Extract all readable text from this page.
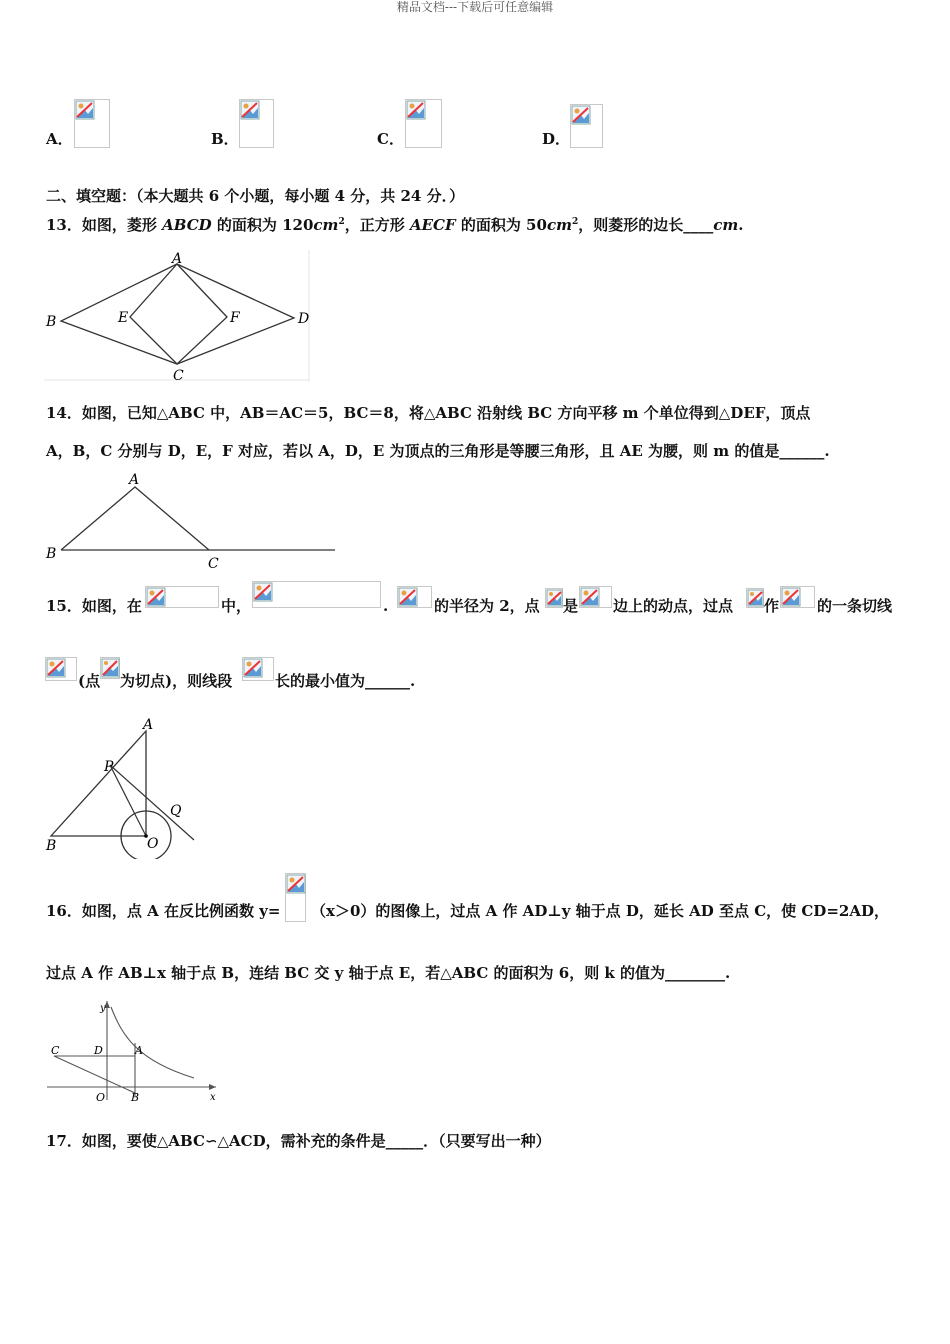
精品文档---下载后可任意编辑
A．	B．	C．	D．
二、填空题：（本大题共 6 个小题，每小题 4 分，共 24 分．）
13．如图，菱形 ABCD 的面积为 $120cm^2$，正方形 AECF 的面积为 $50cm^2$，则菱形的边长____cm.
A
B
C
D
E	F
14．如图，已知△ABC 中，AB＝AC＝5，BC＝8，将△ABC 沿射线 BC 方向平移 m 个单位得到△DEF，顶点
A，B，C 分别与 D，E，F 对应，若以 A，D，E 为顶点的三角形是等腰三角形，且 AE 为腰，则 m 的值是______.
A
B
C
15．如图，在	中，	.	的半径为 2，点 是 边上的动点，过点 作	的一条切线
(点 为切点)，则线段	长的最小值为______.
A
P
Q
B	O
16．如图，点 A 在反比例函数 y= （x＞0）的图像上，过点 A 作 AD⊥y 轴于点 D，延长 AD 至点 C，使 CD=2AD，
过点 A 作 AB⊥x 轴于点 B，连结 BC 交 y 轴于点 E，若△ABC 的面积为 6，则 k 的值为________.
y
C	D	A
O B	x
17．如图，要使△ABC∽△ACD，需补充的条件是_____．（只要写出一种）
